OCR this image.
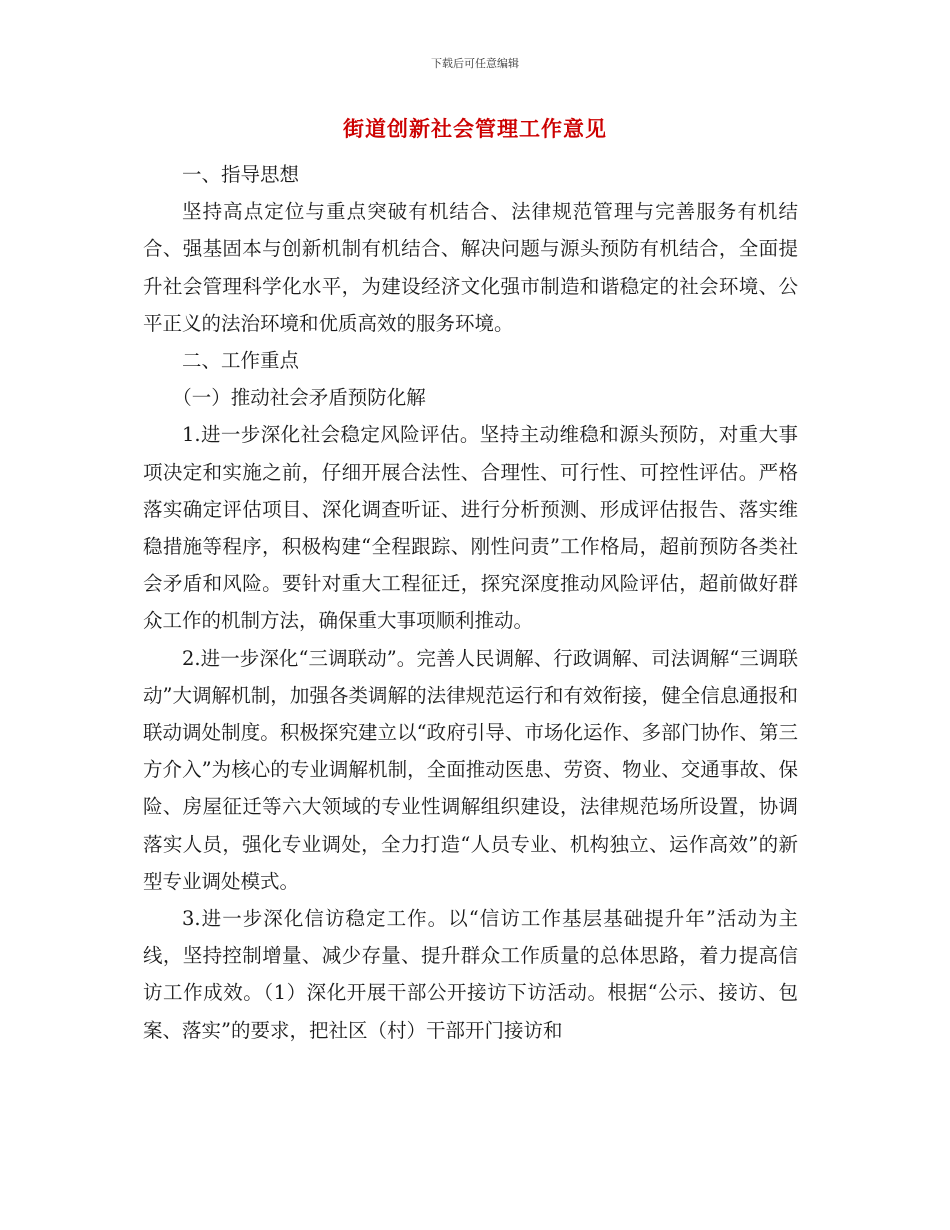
下载后可任意编辑
街道创新社会管理工作意见

一、指导思想

坚持高点定位与重点突破有机结合、法律规范管理与完善服务有机结合、强基固本与创新机制有机结合、解决问题与源头预防有机结合，全面提升社会管理科学化水平，为建设经济文化强市制造和谐稳定的社会环境、公平正义的法治环境和优质高效的服务环境。

二、工作重点

（一）推动社会矛盾预防化解

1.进一步深化社会稳定风险评估。坚持主动维稳和源头预防，对重大事项决定和实施之前，仔细开展合法性、合理性、可行性、可控性评估。严格落实确定评估项目、深化调查听证、进行分析预测、形成评估报告、落实维稳措施等程序，积极构建“全程跟踪、刚性问责”工作格局，超前预防各类社会矛盾和风险。要针对重大工程征迁，探究深度推动风险评估，超前做好群众工作的机制方法，确保重大事项顺利推动。

2.进一步深化“三调联动”。完善人民调解、行政调解、司法调解“三调联动”大调解机制，加强各类调解的法律规范运行和有效衔接，健全信息通报和联动调处制度。积极探究建立以“政府引导、市场化运作、多部门协作、第三方介入”为核心的专业调解机制，全面推动医患、劳资、物业、交通事故、保险、房屋征迁等六大领域的专业性调解组织建设，法律规范场所设置，协调落实人员，强化专业调处，全力打造“人员专业、机构独立、运作高效”的新型专业调处模式。

3.进一步深化信访稳定工作。以“信访工作基层基础提升年”活动为主线，坚持控制增量、减少存量、提升群众工作质量的总体思路，着力提高信访工作成效。（1）深化开展干部公开接访下访活动。根据“公示、接访、包案、落实”的要求，把社区（村）干部开门接访和
